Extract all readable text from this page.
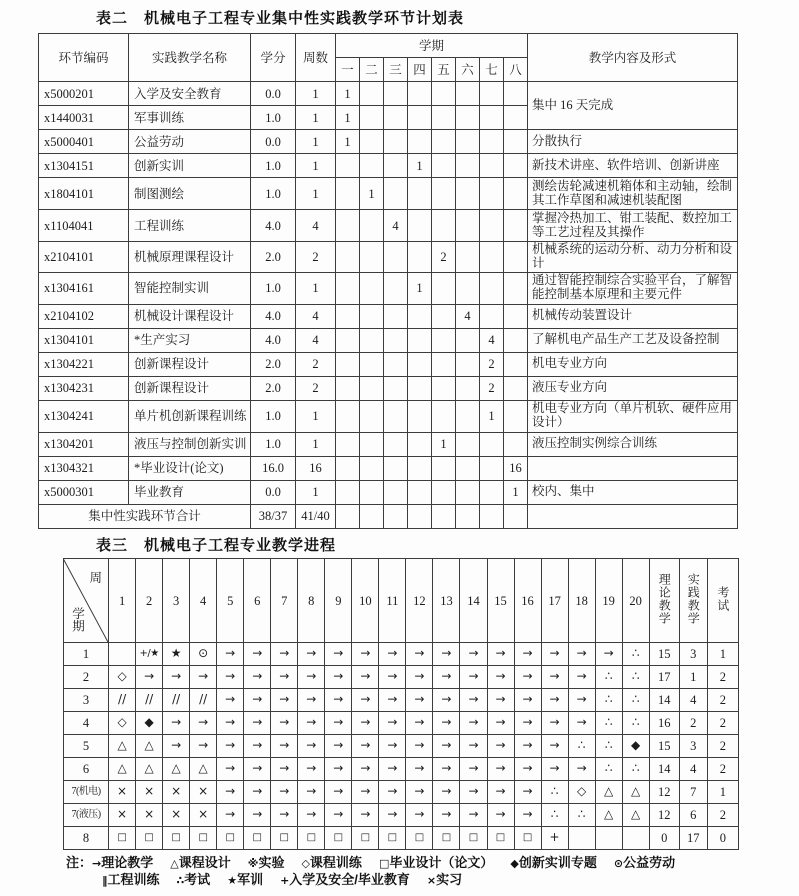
表二　机械电子工程专业集中性实践教学环节计划表
环节编码	实践教学名称	学分	周数	学期								教学内容及形式
				一	二	三	四	五	六	七	八	
x5000201	入学及安全教育	0.0	1	1								集中 16 天完成
x1440031	军事训练	1.0	1	1								
x5000401	公益劳动	0.0	1	1								分散执行
x1304151	创新实训	1.0	1				1					新技术讲座、软件培训、创新讲座
x1804101	制图测绘	1.0	1		1							测绘齿轮减速机箱体和主动轴，绘制其工作草图和减速机装配图
x1104041	工程训练	4.0	4			4						掌握冷热加工、钳工装配、数控加工等工艺过程及其操作
x2104101	机械原理课程设计	2.0	2					2				机械系统的运动分析、动力分析和设计
x1304161	智能控制实训	1.0	1				1					通过智能控制综合实验平台，了解智能控制基本原理和主要元件
x2104102	机械设计课程设计	4.0	4						4			机械传动装置设计
x1304101	*生产实习	4.0	4							4		了解机电产品生产工艺及设备控制
x1304221	创新课程设计	2.0	2							2		机电专业方向
x1304231	创新课程设计	2.0	2							2		液压专业方向
x1304241	单片机创新课程训练	1.0	1							1		机电专业方向（单片机软、硬件应用设计）
x1304201	液压与控制创新实训	1.0	1					1				液压控制实例综合训练
x1304321	*毕业设计(论文)	16.0	16								16	
x5000301	毕业教育	0.0	1								1	校内、集中
集中性实践环节合计		38/37	41/40									
表三　机械电子工程专业教学进程
周
学期	1	2	3	4	5	6	7	8	9	10	11	12	13	14	15	16	17	18	19	20	理论教学	实践教学	考试
1		+/★	★	⊙	→	→	→	→	→	→	→	→	→	→	→	→	→	→	→	∴	15	3	1
2	◇	→	→	→	→	→	→	→	→	→	→	→	→	→	→	→	→	→	∴	∴	17	1	2
3	//	//	//	//	→	→	→	→	→	→	→	→	→	→	→	→	→	→	∴	∴	14	4	2
4	◇	◆	→	→	→	→	→	→	→	→	→	→	→	→	→	→	→	→	∴	∴	16	2	2
5	△	△	→	→	→	→	→	→	→	→	→	→	→	→	→	→	→	∴	∴	◆	15	3	2
6	△	△	△	△	→	→	→	→	→	→	→	→	→	→	→	→	→	→	∴	∴	14	4	2
7(机电)	×	×	×	×	→	→	→	→	→	→	→	→	→	→	→	→	∴	◇	△	△	12	7	1
7(液压)	×	×	×	×	→	→	→	→	→	→	→	→	→	→	→	→	∴	∴	△	△	12	6	2
8	□	□	□	□	□	□	□	□	□	□	□	□	□	□	□	□	+				0	17	0
注：→理论教学 △课程设计 ※实验 ◇课程训练 □毕业设计（论文） ◆创新实训专题 ⊙公益劳动
‖工程训练 ∴考试 ★军训 +入学及安全/毕业教育 ×实习
